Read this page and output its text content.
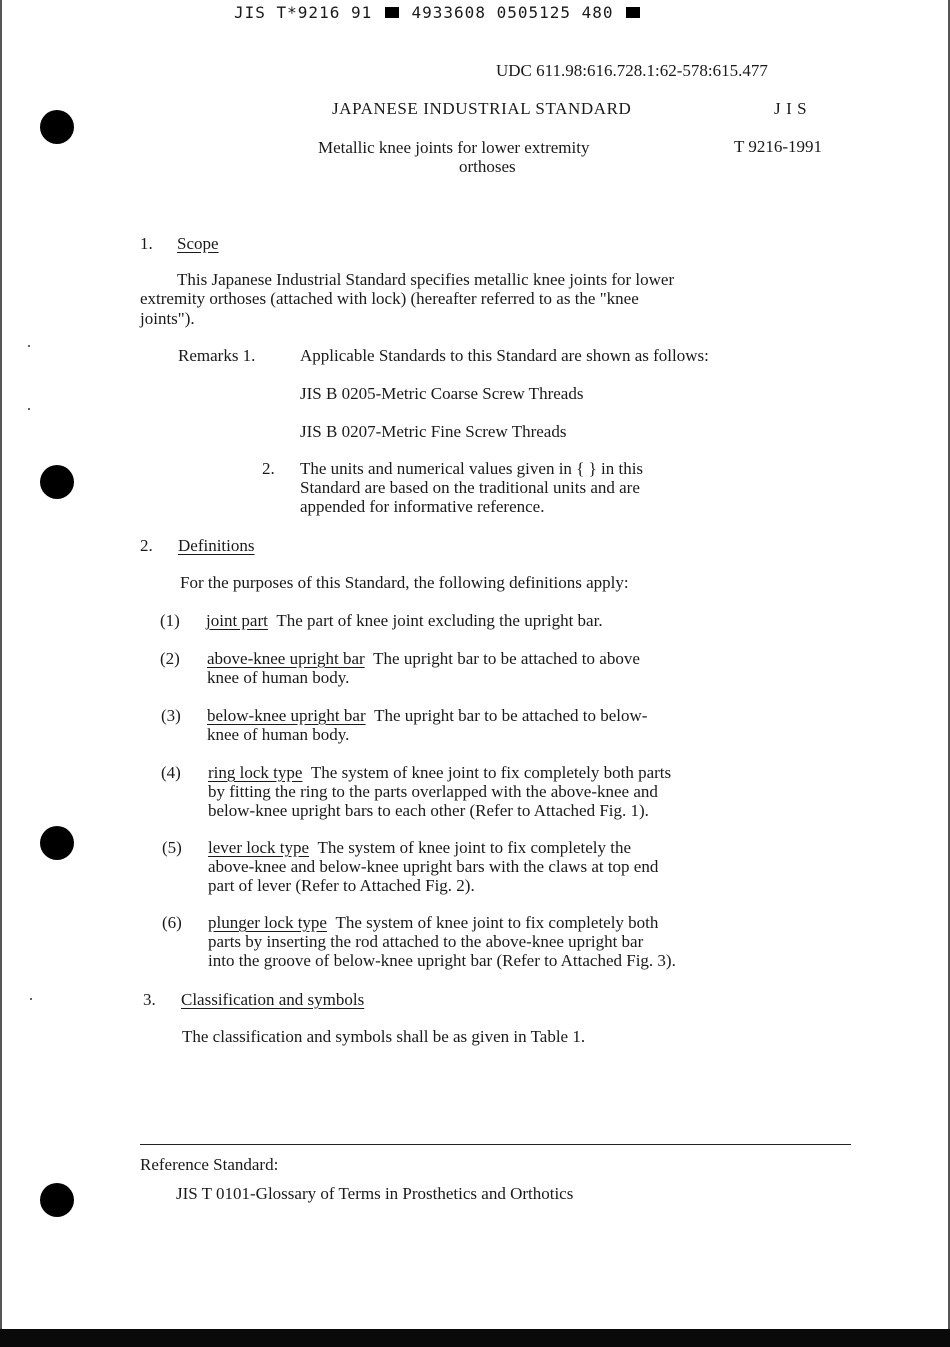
JIS T*9216 91 4933608 0505125 480
UDC 611.98:616.728.1:62-578:615.477
JAPANESE INDUSTRIAL STANDARD	J I S
Metallic knee joints for lower extremity
orthoses
T 9216-1991
1. Scope
This Japanese Industrial Standard specifies metallic knee joints for lower
extremity orthoses (attached with lock) (hereafter referred to as the "knee
joints").
Remarks 1.	Applicable Standards to this Standard are shown as follows:
JIS B 0205-Metric Coarse Screw Threads
JIS B 0207-Metric Fine Screw Threads
2. The units and numerical values given in { } in this
Standard are based on the traditional units and are
appended for informative reference.
2. Definitions
For the purposes of this Standard, the following definitions apply:
(1) joint part The part of knee joint excluding the upright bar.
(2) above-knee upright bar The upright bar to be attached to above
knee of human body.
(3) below-knee upright bar The upright bar to be attached to below-
knee of human body.
(4) ring lock type The system of knee joint to fix completely both parts
by fitting the ring to the parts overlapped with the above-knee and
below-knee upright bars to each other (Refer to Attached Fig. 1).
(5) lever lock type The system of knee joint to fix completely the
above-knee and below-knee upright bars with the claws at top end
part of lever (Refer to Attached Fig. 2).
(6) plunger lock type The system of knee joint to fix completely both
parts by inserting the rod attached to the above-knee upright bar
into the groove of below-knee upright bar (Refer to Attached Fig. 3).
3. Classification and symbols
The classification and symbols shall be as given in Table 1.
Reference Standard:
JIS T 0101-Glossary of Terms in Prosthetics and Orthotics
